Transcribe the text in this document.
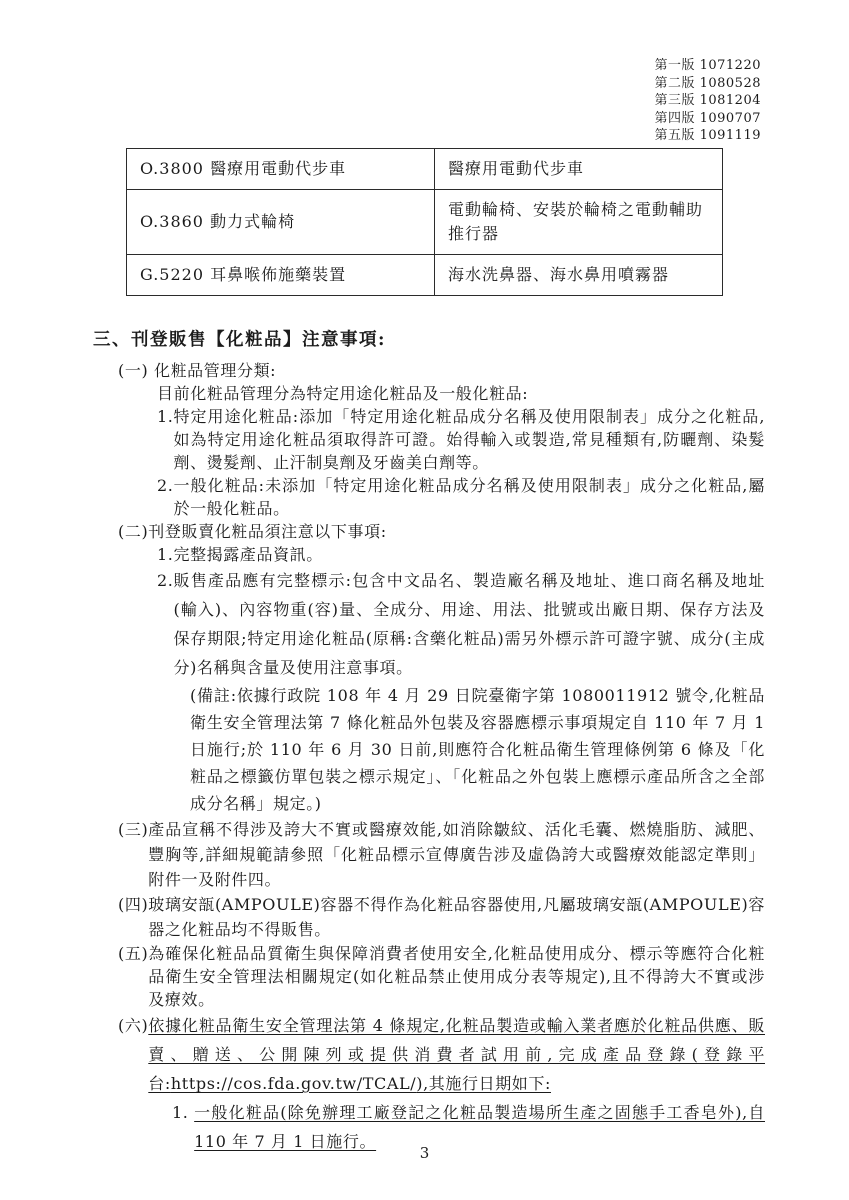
第一版 1071220
第二版 1080528
第三版 1081204
第四版 1090707
第五版 1091119
O.3800 醫療用電動代步車	醫療用電動代步車
O.3860 動力式輪椅	電動輪椅、安裝於輪椅之電動輔助推行器
G.5220 耳鼻喉佈施藥裝置	海水洗鼻器、海水鼻用噴霧器
三、刊登販售【化粧品】注意事項:
(一) 化粧品管理分類:
目前化粧品管理分為特定用途化粧品及一般化粧品:
1. 特定用途化粧品:添加「特定用途化粧品成分名稱及使用限制表」成分之化粧品,如為特定用途化粧品須取得許可證。始得輸入或製造,常見種類有,防曬劑、染髮劑、燙髮劑、止汗制臭劑及牙齒美白劑等。
2. 一般化粧品:未添加「特定用途化粧品成分名稱及使用限制表」成分之化粧品,屬於一般化粧品。
(二) 刊登販賣化粧品須注意以下事項:
1. 完整揭露產品資訊。
2. 販售產品應有完整標示:包含中文品名、製造廠名稱及地址、進口商名稱及地址(輸入)、內容物重(容)量、全成分、用途、用法、批號或出廠日期、保存方法及保存期限;特定用途化粧品(原稱:含藥化粧品)需另外標示許可證字號、成分(主成分)名稱與含量及使用注意事項。
(備註:依據行政院 108 年 4 月 29 日院臺衛字第 1080011912 號令,化粧品衛生安全管理法第 7 條化粧品外包裝及容器應標示事項規定自 110 年 7 月 1 日施行;於 110 年 6 月 30 日前,則應符合化粧品衛生管理條例第 6 條及「化粧品之標籤仿單包裝之標示規定」、「化粧品之外包裝上應標示產品所含之全部成分名稱」規定。)
(三) 產品宣稱不得涉及誇大不實或醫療效能,如消除皺紋、活化毛囊、燃燒脂肪、減肥、豐胸等,詳細規範請參照「化粧品標示宣傳廣告涉及虛偽誇大或醫療效能認定準則」附件一及附件四。
(四) 玻璃安瓿(AMPOULE)容器不得作為化粧品容器使用,凡屬玻璃安瓿(AMPOULE)容器之化粧品均不得販售。
(五) 為確保化粧品品質衛生與保障消費者使用安全,化粧品使用成分、標示等應符合化粧品衛生安全管理法相關規定(如化粧品禁止使用成分表等規定),且不得誇大不實或涉及療效。
(六) 依據化粧品衛生安全管理法第 4 條規定,化粧品製造或輸入業者應於化粧品供應、販賣、贈送、公開陳列或提供消費者試用前,完成產品登錄(登錄平台:https://cos.fda.gov.tw/TCAL/),其施行日期如下:
1. 一般化粧品(除免辦理工廠登記之化粧品製造場所生產之固態手工香皂外),自 110 年 7 月 1 日施行。
3
